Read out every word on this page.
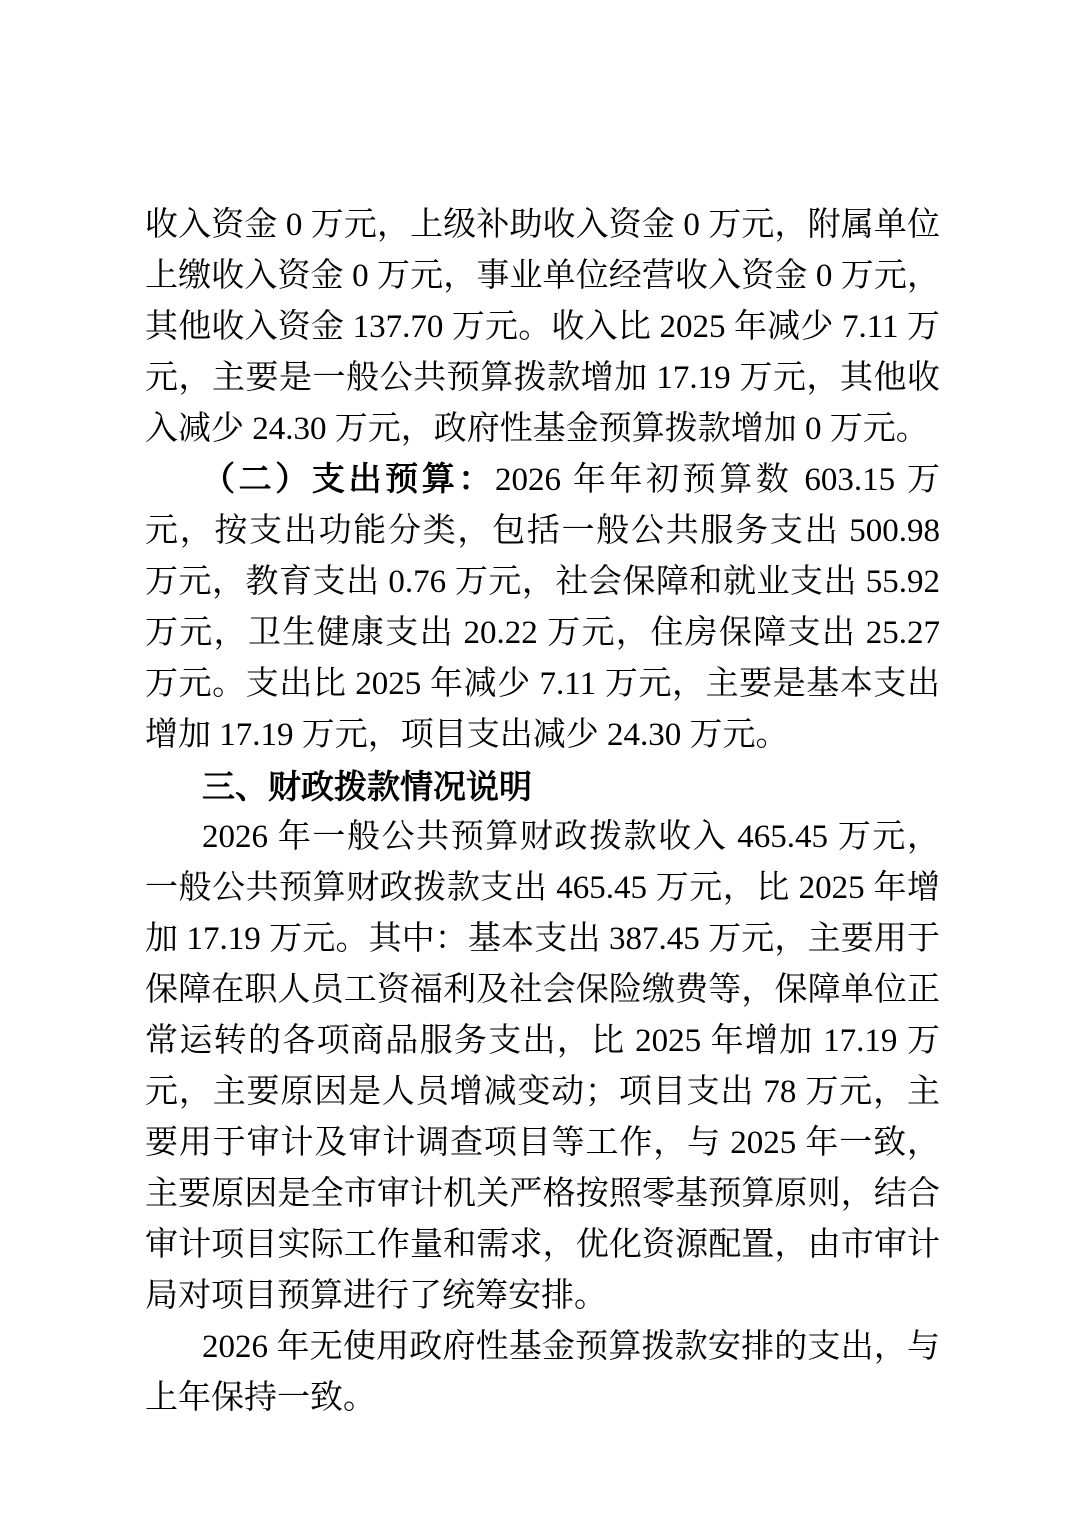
收入资金 0 万元，上级补助收入资金 0 万元，附属单位上缴收入资金 0 万元，事业单位经营收入资金 0 万元，其他收入资金 137.70 万元。收入比 2025 年减少 7.11 万元，主要是一般公共预算拨款增加 17.19 万元，其他收入减少 24.30 万元，政府性基金预算拨款增加 0 万元。

（二）支出预算：2026 年年初预算数 603.15 万元，按支出功能分类，包括一般公共服务支出 500.98 万元，教育支出 0.76 万元，社会保障和就业支出 55.92 万元，卫生健康支出 20.22 万元，住房保障支出 25.27 万元。支出比 2025 年减少 7.11 万元，主要是基本支出增加 17.19 万元，项目支出减少 24.30 万元。

三、财政拨款情况说明

2026 年一般公共预算财政拨款收入 465.45 万元，一般公共预算财政拨款支出 465.45 万元，比 2025 年增加 17.19 万元。其中：基本支出 387.45 万元，主要用于保障在职人员工资福利及社会保险缴费等，保障单位正常运转的各项商品服务支出，比 2025 年增加 17.19 万元，主要原因是人员增减变动；项目支出 78 万元，主要用于审计及审计调查项目等工作，与 2025 年一致，主要原因是全市审计机关严格按照零基预算原则，结合审计项目实际工作量和需求，优化资源配置，由市审计局对项目预算进行了统筹安排。

2026 年无使用政府性基金预算拨款安排的支出，与上年保持一致。
